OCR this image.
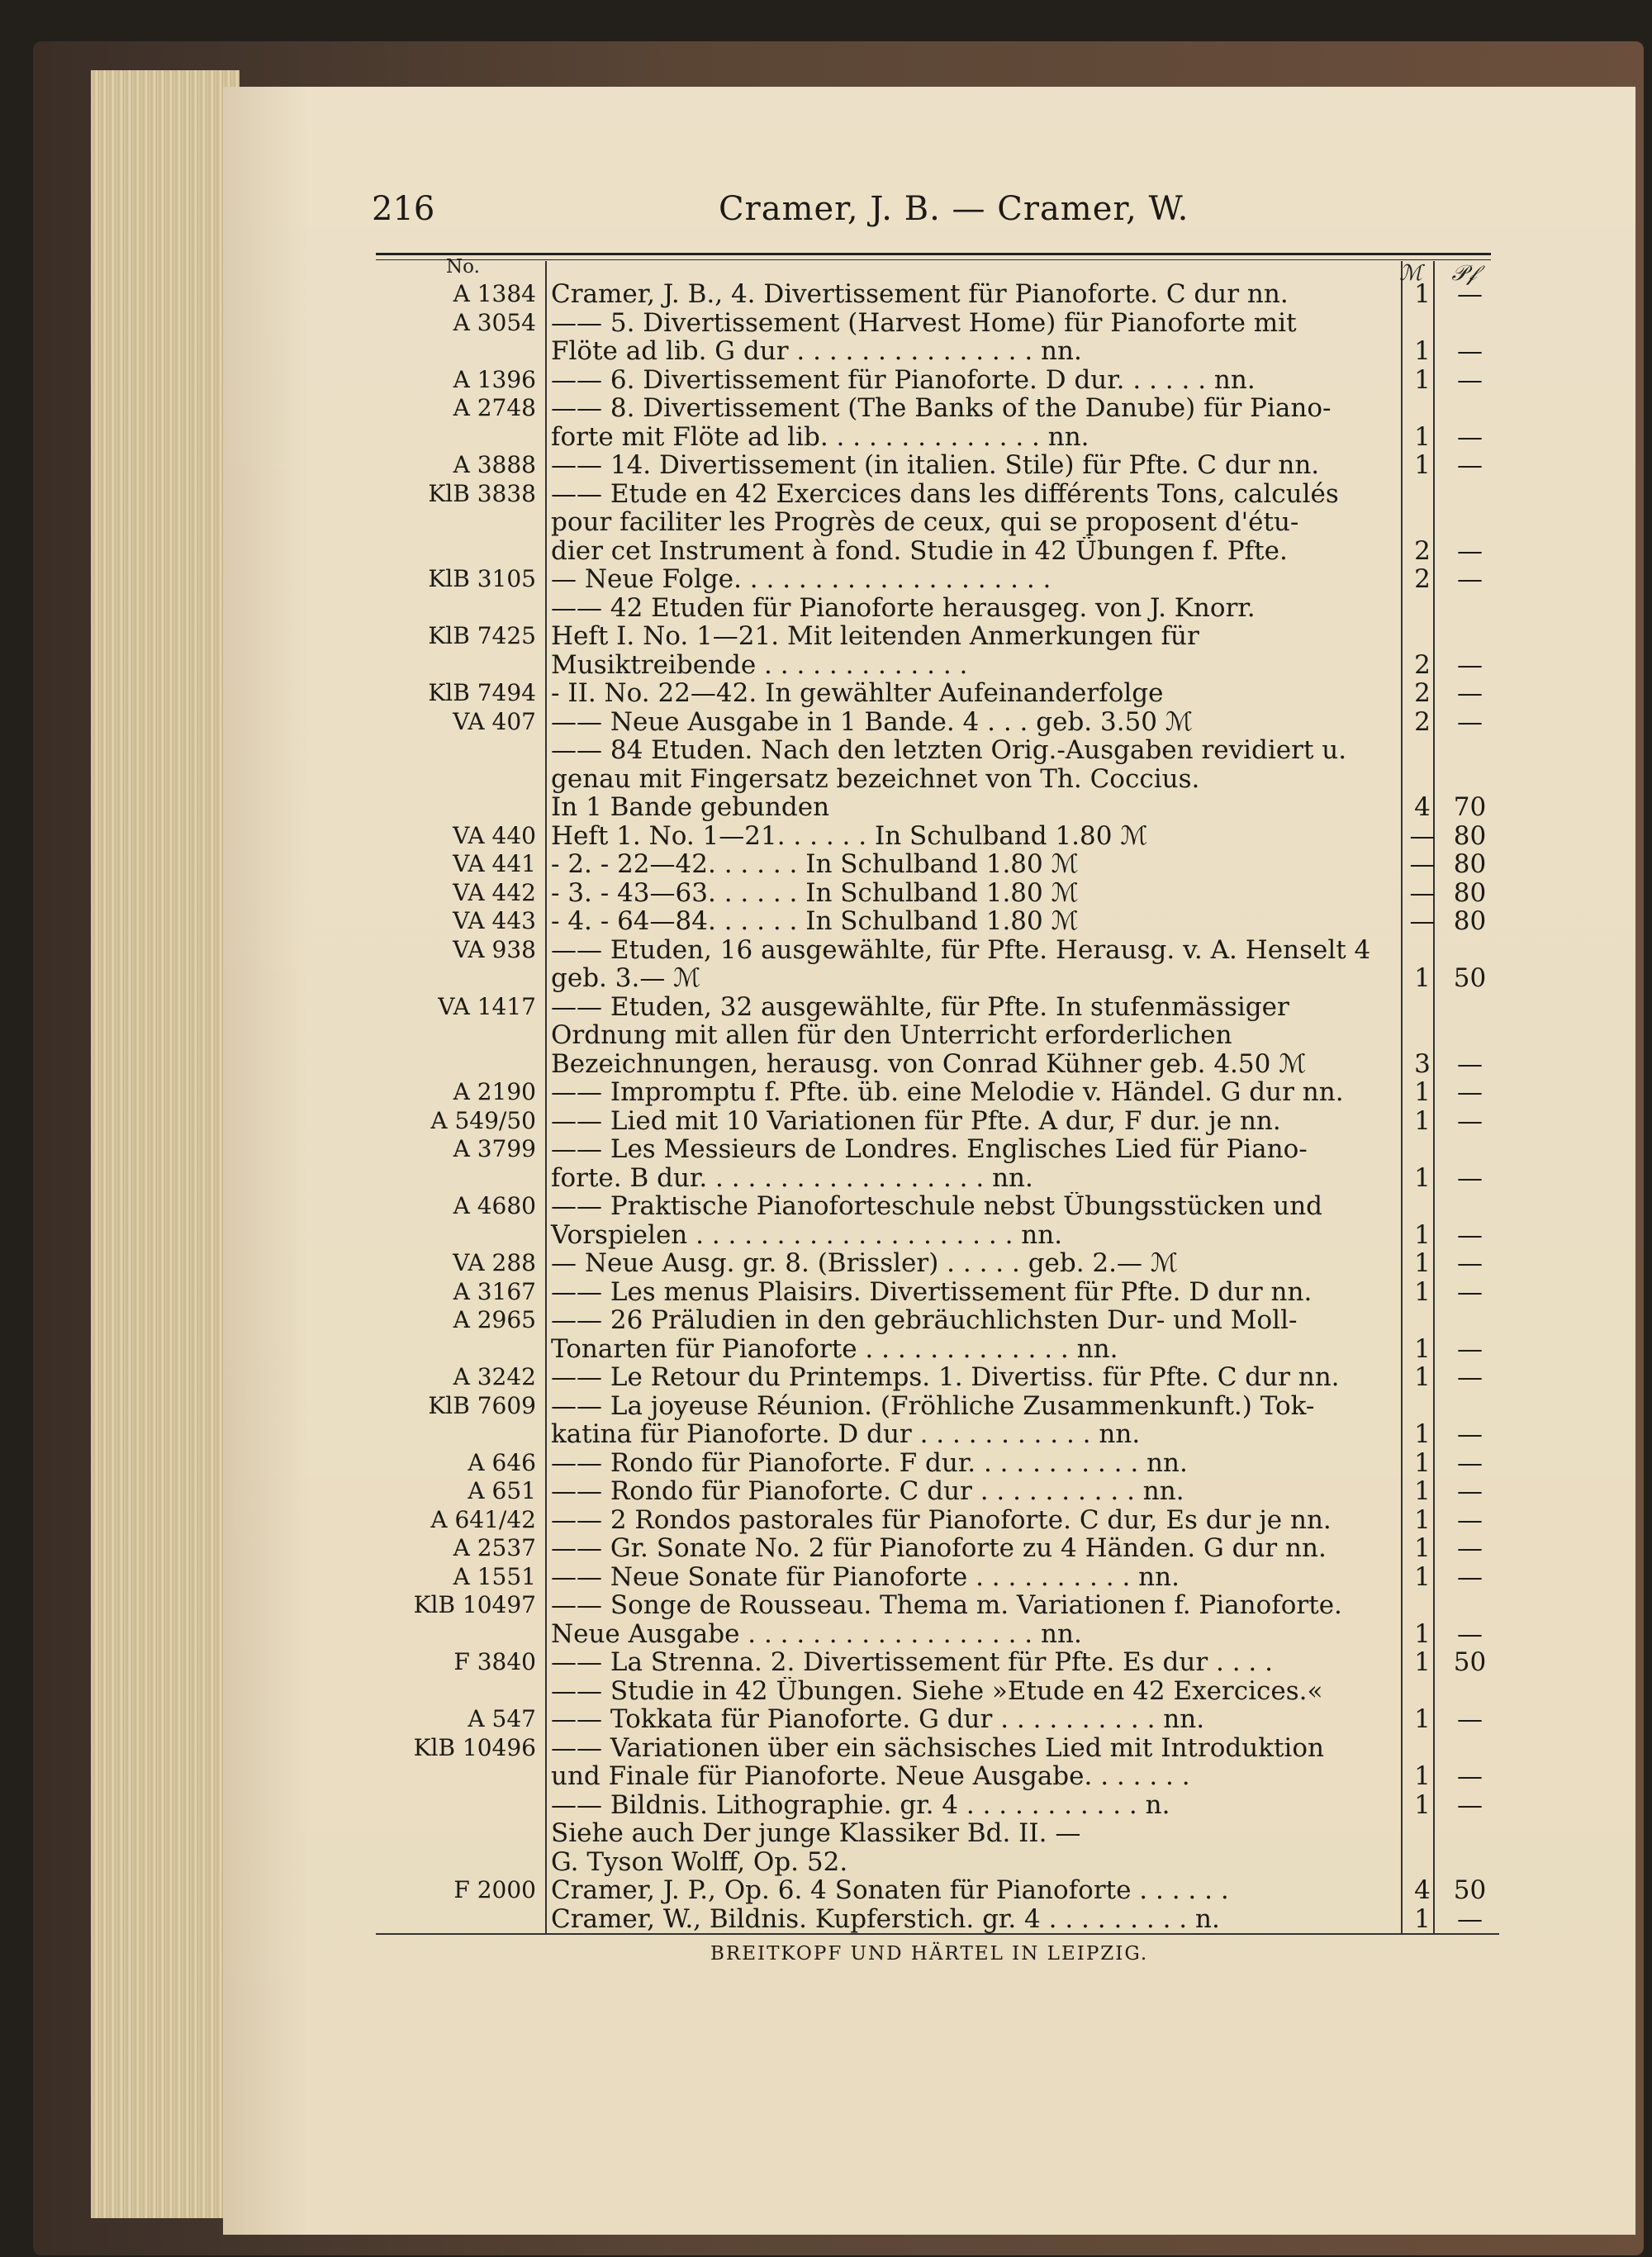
216	Cramer, J. B. — Cramer, W.
No.	ℳ	𝒫𝒻
A 1384 Cramer, J. B., 4. Divertissement für Pianoforte. C dur nn.	1	—
A 3054 —— 5. Divertissement (Harvest Home) für Pianoforte mit
Flöte ad lib. G dur . . . . . . . . . . . . . . . nn.	1	—
A 1396 —— 6. Divertissement für Pianoforte. D dur. . . . . . nn.	1	—
A 2748 —— 8. Divertissement (The Banks of the Danube) für Piano-
forte mit Flöte ad lib. . . . . . . . . . . . . . nn.	1	—
A 3888 —— 14. Divertissement (in italien. Stile) für Pfte. C dur nn.	1	—
KlB 3838 —— Etude en 42 Exercices dans les différents Tons, calculés
pour faciliter les Progrès de ceux, qui se proposent d'étu-
dier cet Instrument à fond. Studie in 42 Übungen f. Pfte.	2	—
KlB 3105 — Neue Folge. . . . . . . . . . . . . . . . . . . .	2	—
—— 42 Etuden für Pianoforte herausgeg. von J. Knorr.
KlB 7425 Heft I. No. 1—21. Mit leitenden Anmerkungen für
Musiktreibende . . . . . . . . . . . . .	2	—
KlB 7494 - II. No. 22—42. In gewählter Aufeinanderfolge	2	—
VA 407 —— Neue Ausgabe in 1 Bande. 4 . . . geb. 3.50 ℳ	2	—
—— 84 Etuden. Nach den letzten Orig.-Ausgaben revidiert u.
genau mit Fingersatz bezeichnet von Th. Coccius.
In 1 Bande gebunden	4 70
VA 440 Heft 1. No. 1—21. . . . . . In Schulband 1.80 ℳ	— 80
VA 441 - 2. - 22—42. . . . . . In Schulband 1.80 ℳ	— 80
VA 442 - 3. - 43—63. . . . . . In Schulband 1.80 ℳ	— 80
VA 443 - 4. - 64—84. . . . . . In Schulband 1.80 ℳ	— 80
VA 938 —— Etuden, 16 ausgewählte, für Pfte. Herausg. v. A. Henselt 4
geb. 3.— ℳ	1 50
VA 1417 —— Etuden, 32 ausgewählte, für Pfte. In stufenmässiger
Ordnung mit allen für den Unterricht erforderlichen
Bezeichnungen, herausg. von Conrad Kühner geb. 4.50 ℳ	3	—
A 2190 —— Impromptu f. Pfte. üb. eine Melodie v. Händel. G dur nn.	1	—
A 549/50 —— Lied mit 10 Variationen für Pfte. A dur, F dur. je nn.	1	—
A 3799 —— Les Messieurs de Londres. Englisches Lied für Piano-
forte. B dur. . . . . . . . . . . . . . . . . . nn.	1	—
A 4680 —— Praktische Pianoforteschule nebst Übungsstücken und
Vorspielen . . . . . . . . . . . . . . . . . . . . nn.	1	—
VA 288 — Neue Ausg. gr. 8. (Brissler) . . . . . geb. 2.— ℳ	1	—
A 3167 —— Les menus Plaisirs. Divertissement für Pfte. D dur nn.	1	—
A 2965 —— 26 Präludien in den gebräuchlichsten Dur- und Moll-
Tonarten für Pianoforte . . . . . . . . . . . . . nn.	1	—
A 3242 —— Le Retour du Printemps. 1. Divertiss. für Pfte. C dur nn.	1	—
KlB 7609 —— La joyeuse Réunion. (Fröhliche Zusammenkunft.) Tok-
katina für Pianoforte. D dur . . . . . . . . . . . nn.	1	—
A 646 —— Rondo für Pianoforte. F dur. . . . . . . . . . . nn.	1	—
A 651 —— Rondo für Pianoforte. C dur . . . . . . . . . . nn.	1	—
A 641/42 —— 2 Rondos pastorales für Pianoforte. C dur, Es dur je nn.	1	—
A 2537 —— Gr. Sonate No. 2 für Pianoforte zu 4 Händen. G dur nn.	1	—
A 1551 —— Neue Sonate für Pianoforte . . . . . . . . . . nn.	1	—
KlB 10497 —— Songe de Rousseau. Thema m. Variationen f. Pianoforte.
Neue Ausgabe . . . . . . . . . . . . . . . . . . nn.	1	—
F 3840 —— La Strenna. 2. Divertissement für Pfte. Es dur . . . .	1 50
—— Studie in 42 Übungen. Siehe »Etude en 42 Exercices.«
A 547 —— Tokkata für Pianoforte. G dur . . . . . . . . . . nn.	1	—
KlB 10496 —— Variationen über ein sächsisches Lied mit Introduktion
und Finale für Pianoforte. Neue Ausgabe. . . . . . .	1	—
—— Bildnis. Lithographie. gr. 4 . . . . . . . . . . . n.	1	—
Siehe auch Der junge Klassiker Bd. II. —
G. Tyson Wolff, Op. 52.
F 2000 Cramer, J. P., Op. 6. 4 Sonaten für Pianoforte . . . . . .	4 50
Cramer, W., Bildnis. Kupferstich. gr. 4 . . . . . . . . . n.	1	—
BREITKOPF UND HÄRTEL IN LEIPZIG.
